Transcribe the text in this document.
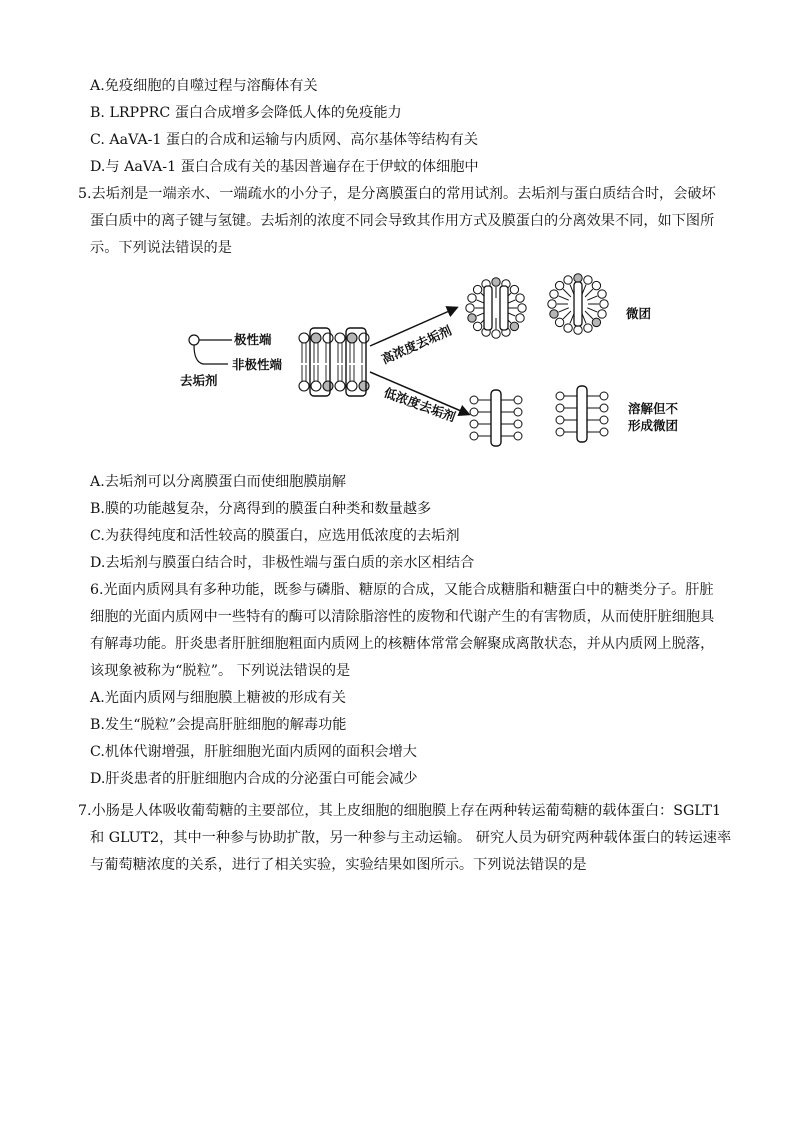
A.免疫细胞的自噬过程与溶酶体有关
B. LRPPRC 蛋白合成增多会降低人体的免疫能力
C. AaVA-1 蛋白的合成和运输与内质网、高尔基体等结构有关
D.与 AaVA-1 蛋白合成有关的基因普遍存在于伊蚊的体细胞中
5.去垢剂是一端亲水、一端疏水的小分子，是分离膜蛋白的常用试剂。去垢剂与蛋白质结合时，会破坏
蛋白质中的离子键与氢键。去垢剂的浓度不同会导致其作用方式及膜蛋白的分离效果不同，如下图所
示。下列说法错误的是
极性端
非极性端
去垢剂
高浓度去垢剂
低浓度去垢剂
微团
溶解但不
形成微团
A.去垢剂可以分离膜蛋白而使细胞膜崩解
B.膜的功能越复杂，分离得到的膜蛋白种类和数量越多
C.为获得纯度和活性较高的膜蛋白，应选用低浓度的去垢剂
D.去垢剂与膜蛋白结合时，非极性端与蛋白质的亲水区相结合
6.光面内质网具有多种功能，既参与磷脂、糖原的合成，又能合成糖脂和糖蛋白中的糖类分子。肝脏
细胞的光面内质网中一些特有的酶可以清除脂溶性的废物和代谢产生的有害物质，从而使肝脏细胞具
有解毒功能。肝炎患者肝脏细胞粗面内质网上的核糖体常常会解聚成离散状态，并从内质网上脱落，
该现象被称为“脱粒”。 下列说法错误的是
A.光面内质网与细胞膜上糖被的形成有关
B.发生“脱粒”会提高肝脏细胞的解毒功能
C.机体代谢增强，肝脏细胞光面内质网的面积会增大
D.肝炎患者的肝脏细胞内合成的分泌蛋白可能会减少
7.小肠是人体吸收葡萄糖的主要部位，其上皮细胞的细胞膜上存在两种转运葡萄糖的载体蛋白：SGLT1
和 GLUT2，其中一种参与协助扩散，另一种参与主动运输。 研究人员为研究两种载体蛋白的转运速率
与葡萄糖浓度的关系，进行了相关实验，实验结果如图所示。下列说法错误的是
